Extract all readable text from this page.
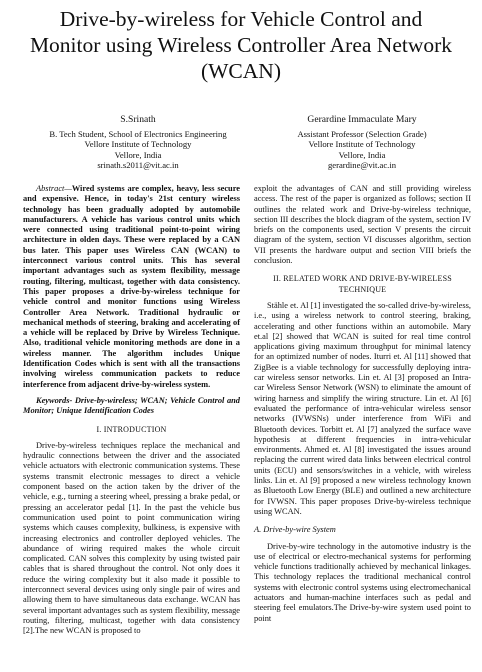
Drive-by-wireless for Vehicle Control and
Monitor using Wireless Controller Area Network
(WCAN)
S.Srinath
B. Tech Student, School of Electronics Engineering
Vellore Institute of Technology
Vellore, India
srinath.s2011@vit.ac.in
Gerardine Immaculate Mary
Assistant Professor (Selection Grade)
Vellore Institute of Technology
Vellore, India
gerardine@vit.ac.in

Abstract—Wired systems are complex, heavy, less secure and expensive. Hence, in today's 21st century wireless technology has been gradually adopted by automobile manufacturers. A vehicle has various control units which were connected using traditional point-to-point wiring architecture in olden days. These were replaced by a CAN bus later. This paper uses Wireless CAN (WCAN) to interconnect various control units. This has several important advantages such as system flexibility, message routing, filtering, multicast, together with data consistency. This paper proposes a drive-by-wireless technique for vehicle control and monitor functions using Wireless Controller Area Network. Traditional hydraulic or mechanical methods of steering, braking and accelerating of a vehicle will be replaced by Drive by Wireless Technique. Also, traditional vehicle monitoring methods are done in a wireless manner. The algorithm includes Unique Identification Codes which is sent with all the transactions involving wireless communication packets to reduce interference from adjacent drive-by-wireless system.

Keywords- Drive-by-wireless; WCAN; Vehicle Control and Monitor; Unique Identification Codes

I. INTRODUCTION

Drive-by-wireless techniques replace the mechanical and hydraulic connections between the driver and the associated vehicle actuators with electronic communication systems. These systems transmit electronic messages to direct a vehicle component based on the action taken by the driver of the vehicle, e.g., turning a steering wheel, pressing a brake pedal, or pressing an accelerator pedal [1]. In the past the vehicle bus communication used point to point communication wiring systems which causes complexity, bulkiness, is expensive with increasing electronics and controller deployed vehicles. The abundance of wiring required makes the whole circuit complicated. CAN solves this complexity by using twisted pair cables that is shared throughout the control. Not only does it reduce the wiring complexity but it also made it possible to interconnect several devices using only single pair of wires and allowing them to have simultaneous data exchange. WCAN has several important advantages such as system flexibility, message routing, filtering, multicast, together with data consistency [2].The new WCAN is proposed to

exploit the advantages of CAN and still providing wireless access. The rest of the paper is organized as follows; section II outlines the related work and Drive-by-wireless technique, section III describes the block diagram of the system, section IV briefs on the components used, section V presents the circuit diagram of the system, section VI discusses algorithm, section VII presents the hardware output and section VIII briefs the conclusion.

II. RELATED WORK AND DRIVE-BY-WIRELESS TECHNIQUE

Stähle et. Al [1] investigated the so-called drive-by-wireless, i.e., using a wireless network to control steering, braking, accelerating and other functions within an automobile. Mary et.al [2] showed that WCAN is suited for real time control applications giving maximum throughput for minimal latency for an optimized number of nodes. Iturri et. Al [11] showed that ZigBee is a viable technology for successfully deploying intra-car wireless sensor networks. Lin et. Al [3] proposed an Intra-car Wireless Sensor Network (WSN) to eliminate the amount of wiring harness and simplify the wiring structure. Lin et. Al [6] evaluated the performance of intra-vehicular wireless sensor networks (IVWSNs) under interference from WiFi and Bluetooth devices. Torbitt et. Al [7] analyzed the surface wave hypothesis at different frequencies in intra-vehicular environments. Ahmed et. Al [8] investigated the issues around replacing the current wired data links between electrical control units (ECU) and sensors/switches in a vehicle, with wireless links. Lin et. Al [9] proposed a new wireless technology known as Bluetooth Low Energy (BLE) and outlined a new architecture for IVWSN. This paper proposes Drive-by-wireless technique using WCAN.

A. Drive-by-wire System

Drive-by-wire technology in the automotive industry is the use of electrical or electro-mechanical systems for performing vehicle functions traditionally achieved by mechanical linkages. This technology replaces the traditional mechanical control systems with electronic control systems using electromechanical actuators and human-machine interfaces such as pedal and steering feel emulators.The Drive-by-wire system used point to point
